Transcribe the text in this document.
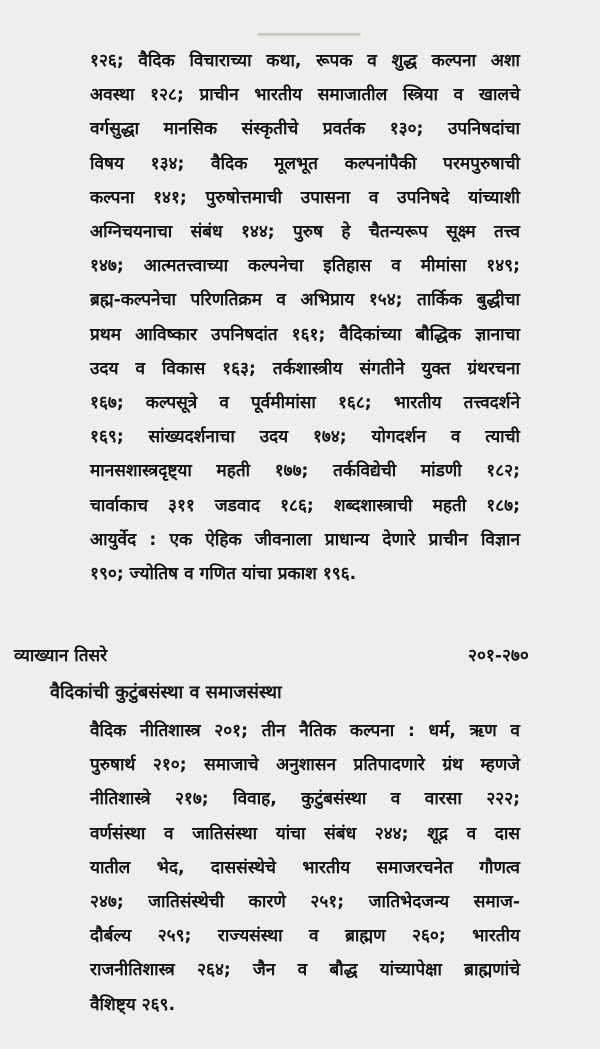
▁▁▁▁▁▁▁

१२६; वैदिक विचाराच्या कथा, रूपक व शुद्ध कल्पना अशा
अवस्था १२८; प्राचीन भारतीय समाजातील स्त्रिया व खालचे
वर्गसुद्धा मानसिक संस्कृतीचे प्रवर्तक १३०; उपनिषदांचा
विषय १३४; वैदिक मूलभूत कल्पनांपैकी परमपुरुषाची
कल्पना १४१; पुरुषोत्तमाची उपासना व उपनिषदे यांच्याशी
अग्निचयनाचा संबंध १४४; पुरुष हे चैतन्यरूप सूक्ष्म तत्त्व
१४७; आत्मतत्त्वाच्या कल्पनेचा इतिहास व मीमांसा १४९;
ब्रह्म-कल्पनेचा परिणतिक्रम व अभिप्राय १५४; तार्किक बुद्धीचा
प्रथम आविष्कार उपनिषदांत १६१; वैदिकांच्या बौद्धिक ज्ञानाचा
उदय व विकास १६३; तर्कशास्त्रीय संगतीने युक्त ग्रंथरचना
१६७; कल्पसूत्रे व पूर्वमीमांसा १६८; भारतीय तत्त्वदर्शने
१६९; सांख्यदर्शनाचा उदय १७४; योगदर्शन व त्याची
मानसशास्त्रदृष्ट्या महती १७७; तर्कविद्येची मांडणी १८२;
चार्वाकाच ३११ जडवाद १८६; शब्दशास्त्राची महती १८७;
आयुर्वेद : एक ऐहिक जीवनाला प्राधान्य देणारे प्राचीन विज्ञान
१९०; ज्योतिष व गणित यांचा प्रकाश १९६.

व्याख्यान तिसरे	२०१-२७०
वैदिकांची कुटुंबसंस्था व समाजसंस्था

वैदिक नीतिशास्त्र २०१; तीन नैतिक कल्पना : धर्म, ऋण व
पुरुषार्थ २१०; समाजाचे अनुशासन प्रतिपादणारे ग्रंथ म्हणजे
नीतिशास्त्रे २१७; विवाह, कुटुंबसंस्था व वारसा २२२;
वर्णसंस्था व जातिसंस्था यांचा संबंध २४४; शूद्र व दास
यातील भेद, दाससंस्थेचे भारतीय समाजरचनेत गौणत्व
२४७; जातिसंस्थेची कारणे २५१; जातिभेदजन्य समाज-
दौर्बल्य २५९; राज्यसंस्था व ब्राह्मण २६०; भारतीय
राजनीतिशास्त्र २६४; जैन व बौद्ध यांच्यापेक्षा ब्राह्मणांचे
वैशिष्ट्य २६९.
